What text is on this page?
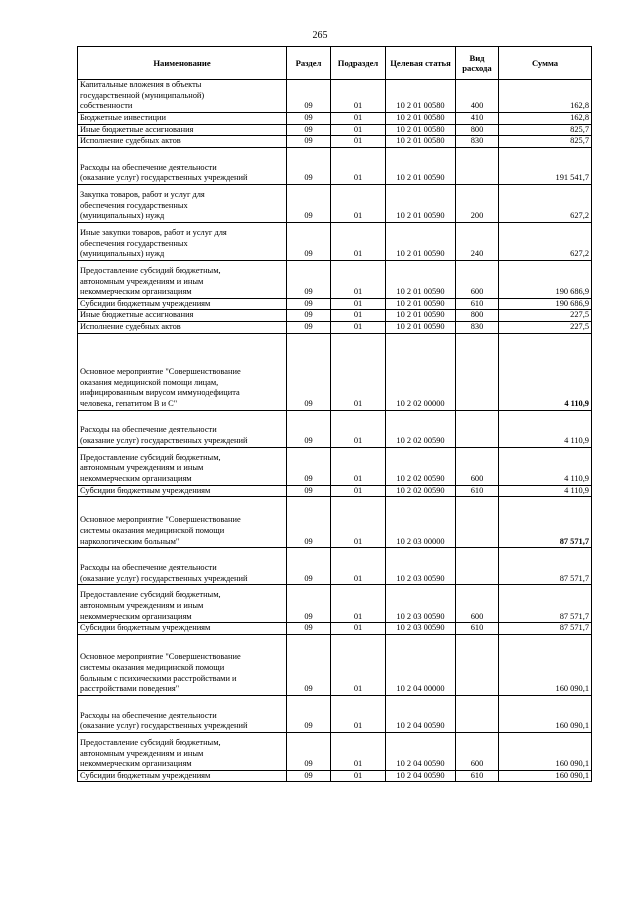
265
Наименование	Раздел	Подраздел	Целевая статья	Вид расхода	Сумма
Капитальные вложения в объекты
государственной (муниципальной)
собственности	09	01	10 2 01 00580	400	162,8
Бюджетные инвестиции	09	01	10 2 01 00580	410	162,8
Иные бюджетные ассигнования	09	01	10 2 01 00580	800	825,7
Исполнение судебных актов	09	01	10 2 01 00580	830	825,7
Расходы на обеспечение деятельности
(оказание услуг) государственных учреждений	09	01	10 2 01 00590		191 541,7
Закупка товаров, работ и услуг для
обеспечения государственных
(муниципальных) нужд	09	01	10 2 01 00590	200	627,2
Иные закупки товаров, работ и услуг для
обеспечения государственных
(муниципальных) нужд	09	01	10 2 01 00590	240	627,2
Предоставление субсидий бюджетным,
автономным учреждениям и иным
некоммерческим организациям	09	01	10 2 01 00590	600	190 686,9
Субсидии бюджетным учреждениям	09	01	10 2 01 00590	610	190 686,9
Иные бюджетные ассигнования	09	01	10 2 01 00590	800	227,5
Исполнение судебных актов	09	01	10 2 01 00590	830	227,5
Основное мероприятие "Совершенствование
оказания медицинской помощи лицам,
инфицированным вирусом иммунодефицита
человека, гепатитом В и С"	09	01	10 2 02 00000		4 110,9
Расходы на обеспечение деятельности
(оказание услуг) государственных учреждений	09	01	10 2 02 00590		4 110,9
Предоставление субсидий бюджетным,
автономным учреждениям и иным
некоммерческим организациям	09	01	10 2 02 00590	600	4 110,9
Субсидии бюджетным учреждениям	09	01	10 2 02 00590	610	4 110,9
Основное мероприятие "Совершенствование
системы оказания медицинской помощи
наркологическим больным"	09	01	10 2 03 00000		87 571,7
Расходы на обеспечение деятельности
(оказание услуг) государственных учреждений	09	01	10 2 03 00590		87 571,7
Предоставление субсидий бюджетным,
автономным учреждениям и иным
некоммерческим организациям	09	01	10 2 03 00590	600	87 571,7
Субсидии бюджетным учреждениям	09	01	10 2 03 00590	610	87 571,7
Основное мероприятие "Совершенствование
системы оказания медицинской помощи
больным с психическими расстройствами и
расстройствами поведения"	09	01	10 2 04 00000		160 090,1
Расходы на обеспечение деятельности
(оказание услуг) государственных учреждений	09	01	10 2 04 00590		160 090,1
Предоставление субсидий бюджетным,
автономным учреждениям и иным
некоммерческим организациям	09	01	10 2 04 00590	600	160 090,1
Субсидии бюджетным учреждениям	09	01	10 2 04 00590	610	160 090,1
